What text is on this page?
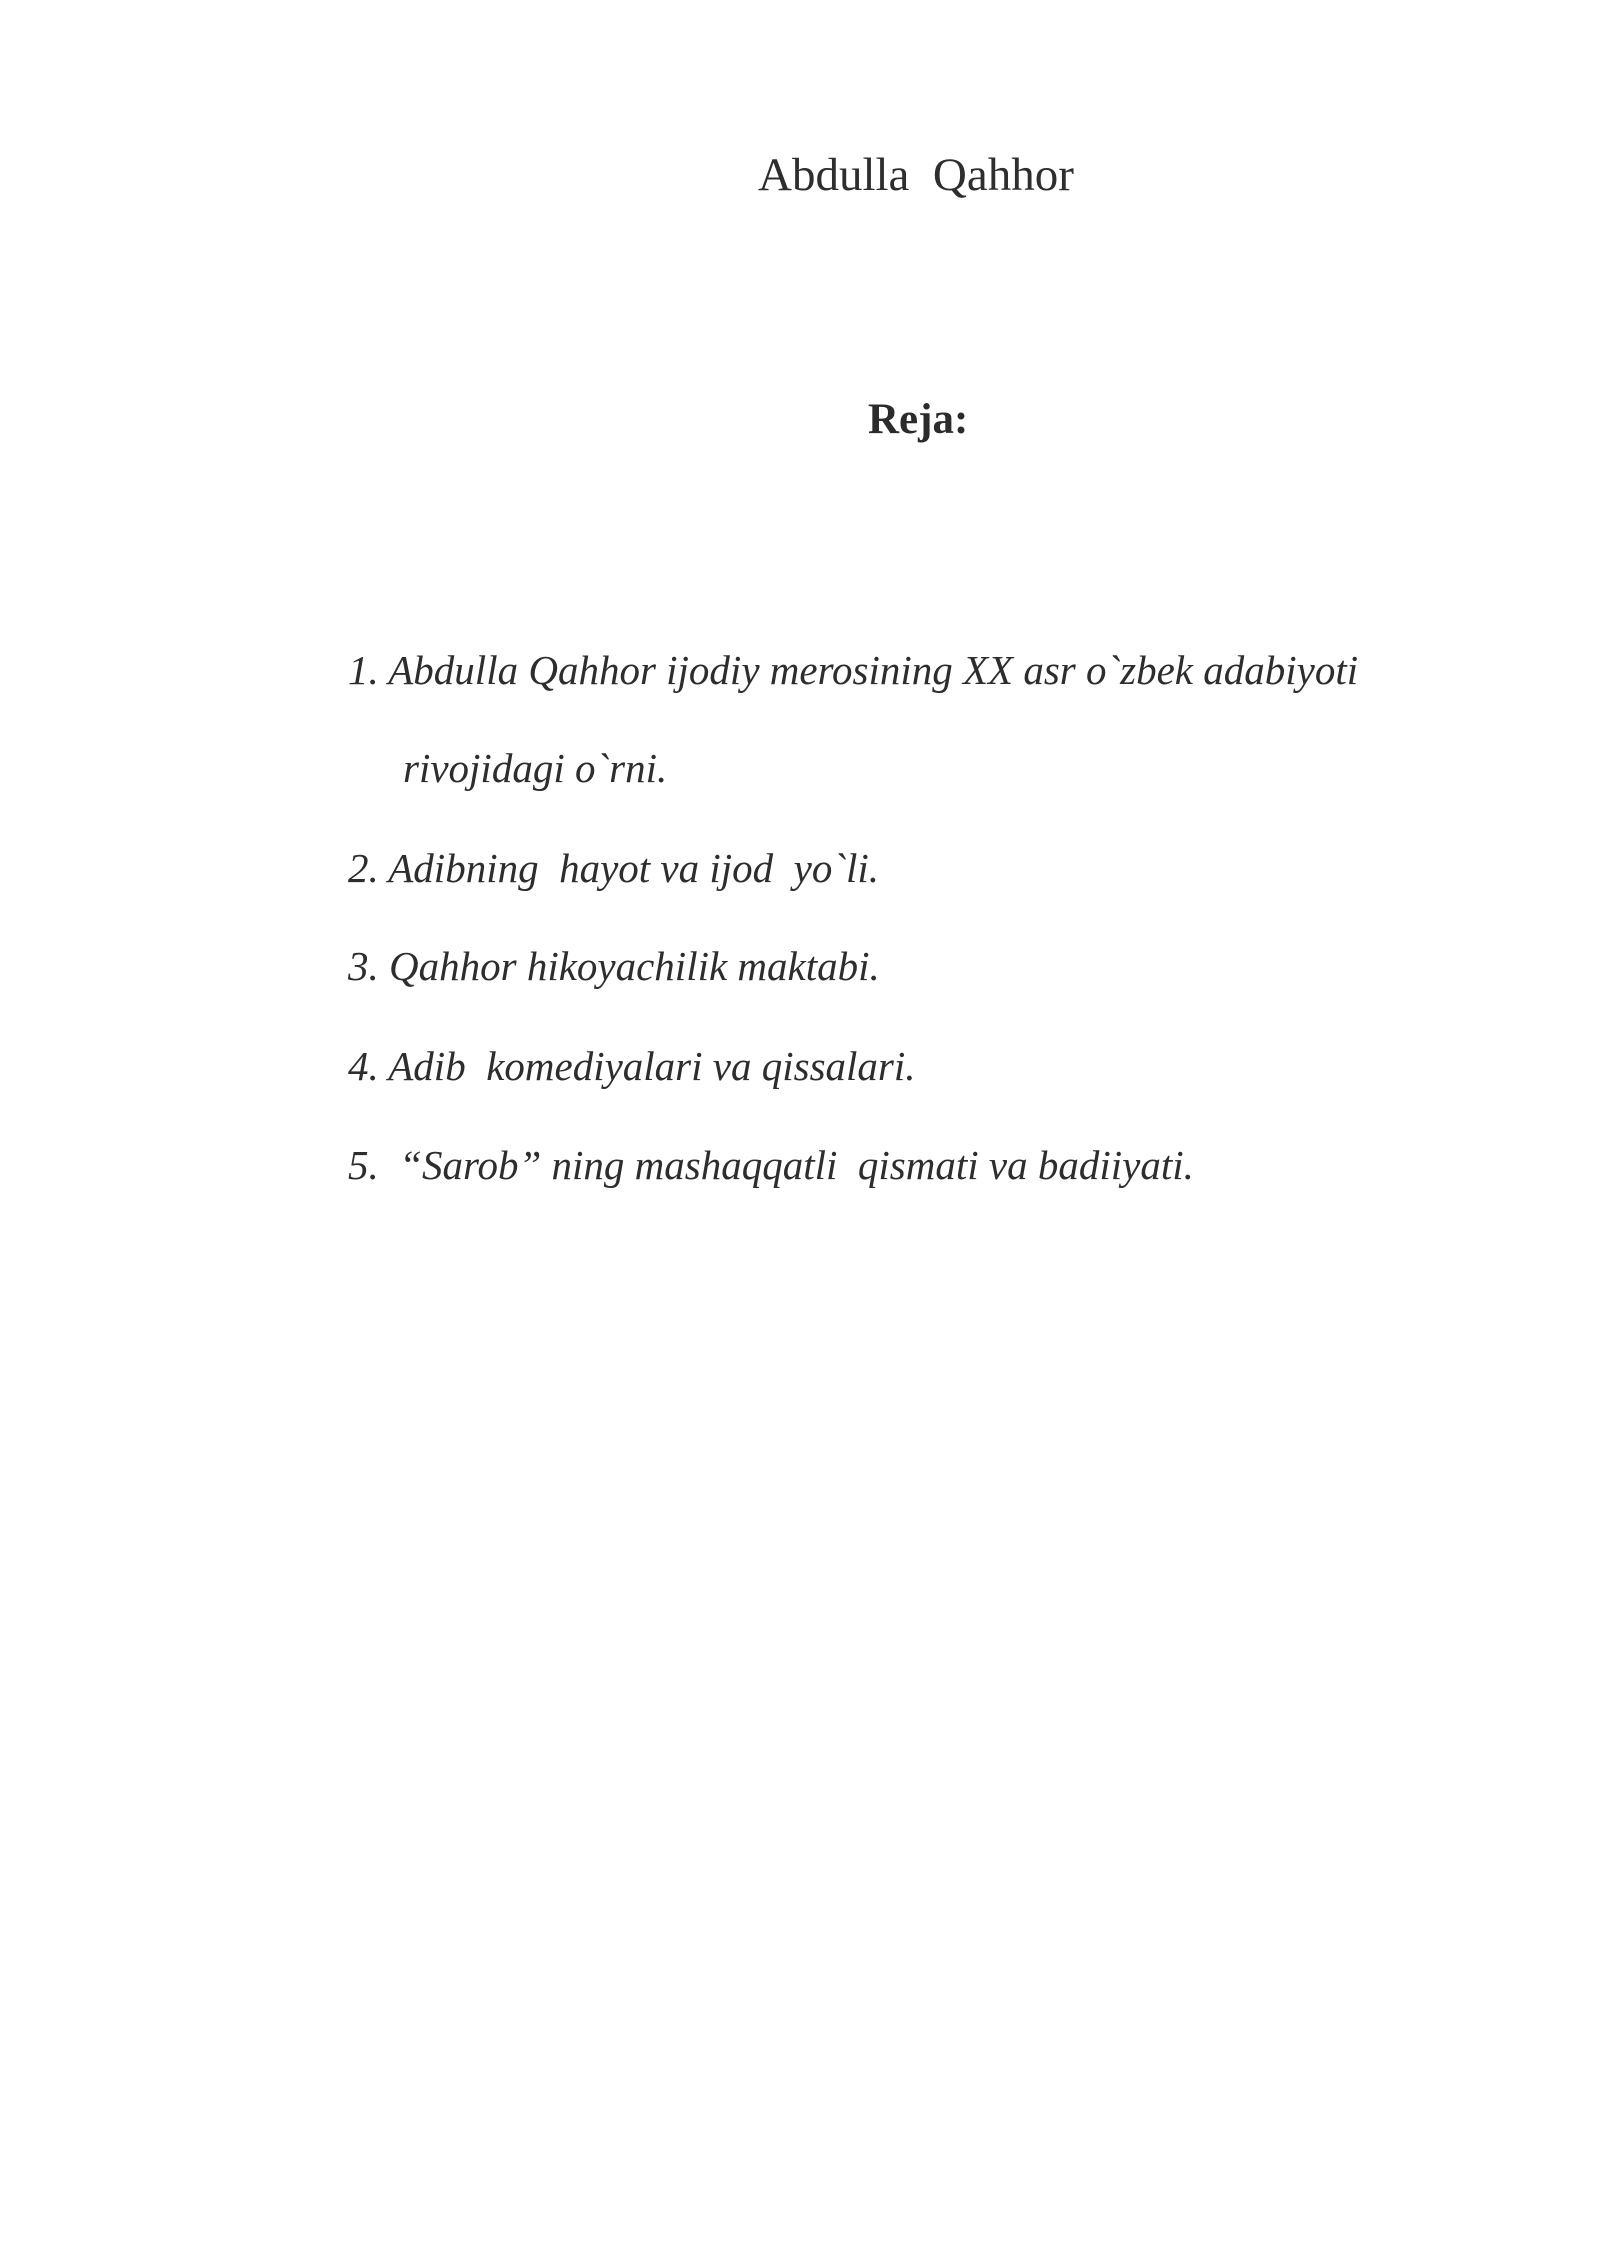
Abdulla  Qahhor
Reja:
1. Abdulla Qahhor ijodiy merosining XX asr o`zbek adabiyoti
rivojidagi o`rni.
2. Adibning  hayot va ijod  yo`li.
3. Qahhor hikoyachilik maktabi.
4. Adib  komediyalari va qissalari.
5.  “Sarob” ning mashaqqatli  qismati va badiiyati.
